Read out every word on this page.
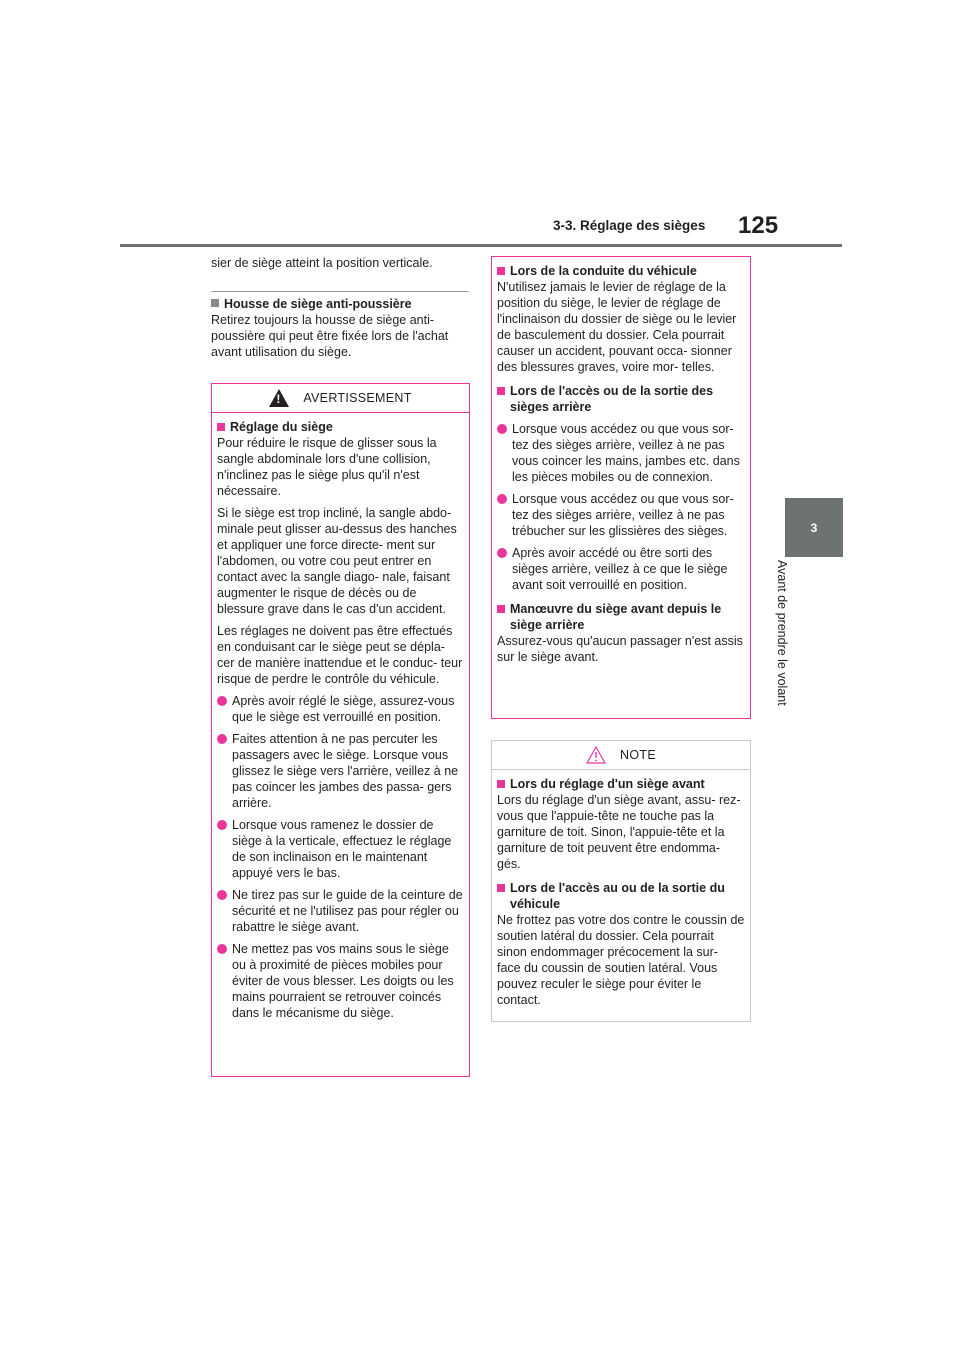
3-3. Réglage des sièges 125
3
Avant de prendre le volant

sier de siège atteint la position verticale.

Housse de siège anti-poussière

Retirez toujours la housse de siège anti-poussière qui peut être fixée lors de l'achat avant utilisation du siège.

!
AVERTISSEMENT
Réglage du siège

Pour réduire le risque de glisser sous la sangle abdominale lors d'une collision, n'inclinez pas le siège plus qu'il n'est nécessaire.

Si le siège est trop incliné, la sangle abdo- minale peut glisser au-dessus des hanches et appliquer une force directe- ment sur l'abdomen, ou votre cou peut entrer en contact avec la sangle diago- nale, faisant augmenter le risque de décès ou de blessure grave dans le cas d'un accident.

Les réglages ne doivent pas être effectués en conduisant car le siège peut se dépla- cer de manière inattendue et le conduc- teur risque de perdre le contrôle du véhicule.

Après avoir réglé le siège, assurez-vous que le siège est verrouillé en position.

Faites attention à ne pas percuter les passagers avec le siège. Lorsque vous glissez le siège vers l'arrière, veillez à ne pas coincer les jambes des passa- gers arrière.

Lorsque vous ramenez le dossier de siège à la verticale, effectuez le réglage de son inclinaison en le maintenant appuyé vers le bas.

Ne tirez pas sur le guide de la ceinture de sécurité et ne l'utilisez pas pour régler ou rabattre le siège avant.

Ne mettez pas vos mains sous le siège ou à proximité de pièces mobiles pour éviter de vous blesser. Les doigts ou les mains pourraient se retrouver coincés dans le mécanisme du siège.

Lors de la conduite du véhicule

N'utilisez jamais le levier de réglage de la position du siège, le levier de réglage de l'inclinaison du dossier de siège ou le levier de basculement du dossier. Cela pourrait causer un accident, pouvant occa- sionner des blessures graves, voire mor- telles.

Lors de l'accès ou de la sortie des sièges arrière

Lorsque vous accédez ou que vous sor- tez des sièges arrière, veillez à ne pas vous coincer les mains, jambes etc. dans les pièces mobiles ou de connexion.

Lorsque vous accédez ou que vous sor- tez des sièges arrière, veillez à ne pas trébucher sur les glissières des sièges.

Après avoir accédé ou être sorti des sièges arrière, veillez à ce que le siège avant soit verrouillé en position.

Manœuvre du siège avant depuis le siège arrière

Assurez-vous qu'aucun passager n'est assis sur le siège avant.

NOTE
Lors du réglage d'un siège avant

Lors du réglage d'un siège avant, assu- rez-vous que l'appuie-tête ne touche pas la garniture de toit. Sinon, l'appuie-tête et la garniture de toit peuvent être endomma- gés.

Lors de l'accès au ou de la sortie du véhicule

Ne frottez pas votre dos contre le coussin de soutien latéral du dossier. Cela pourrait sinon endommager précocement la sur- face du coussin de soutien latéral. Vous pouvez reculer le siège pour éviter le contact.
